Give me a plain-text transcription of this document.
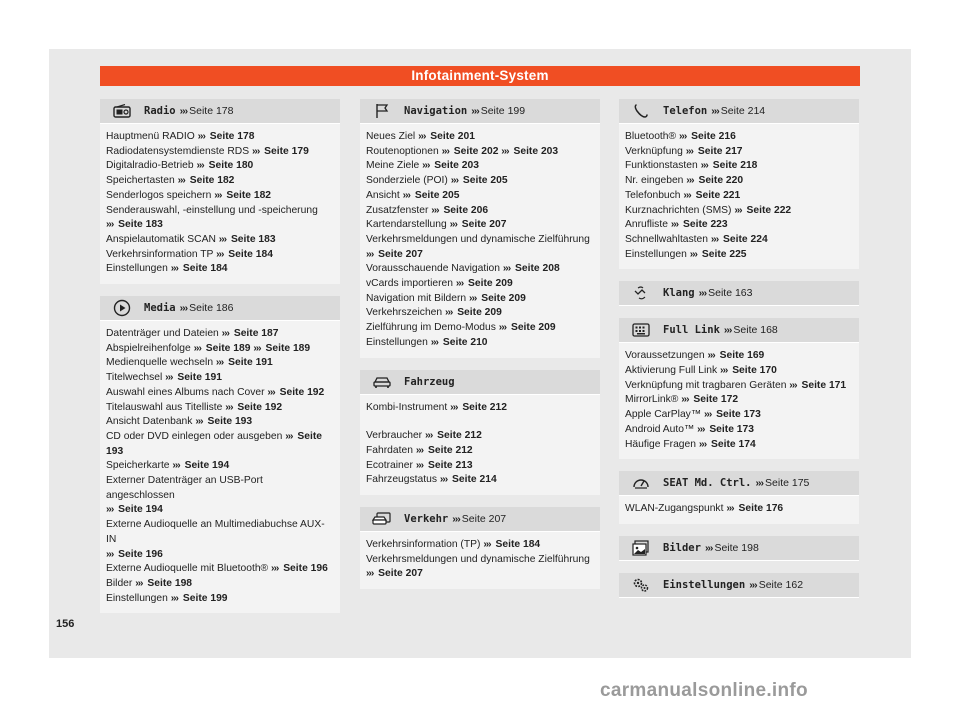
Infotainment-System
Radio ››› Seite 178
Hauptmenü RADIO ››› Seite 178
Radiodatensystemdienste RDS ››› Seite 179
Digitalradio-Betrieb ››› Seite 180
Speichertasten ››› Seite 182
Senderlogos speichern ››› Seite 182
Senderauswahl, -einstellung und -speicherung
››› Seite 183
Anspielautomatik SCAN ››› Seite 183
Verkehrsinformation TP ››› Seite 184
Einstellungen ››› Seite 184
Media ››› Seite 186
Datenträger und Dateien ››› Seite 187
Abspielreihenfolge ››› Seite 189 ››› Seite 189
Medienquelle wechseln ››› Seite 191
Titelwechsel ››› Seite 191
Auswahl eines Albums nach Cover ››› Seite 192
Titelauswahl aus Titelliste ››› Seite 192
Ansicht Datenbank ››› Seite 193
CD oder DVD einlegen oder ausgeben ››› Seite 193
Speicherkarte ››› Seite 194
Externer Datenträger an USB-Port angeschlossen
››› Seite 194
Externe Audioquelle an Multimediabuchse AUX-IN
››› Seite 196
Externe Audioquelle mit Bluetooth® ››› Seite 196
Bilder ››› Seite 198
Einstellungen ››› Seite 199
Navigation ››› Seite 199
Neues Ziel ››› Seite 201
Routenoptionen ››› Seite 202 ››› Seite 203
Meine Ziele ››› Seite 203
Sonderziele (POI) ››› Seite 205
Ansicht ››› Seite 205
Zusatzfenster ››› Seite 206
Kartendarstellung ››› Seite 207
Verkehrsmeldungen und dynamische Zielführung
››› Seite 207
Vorausschauende Navigation ››› Seite 208
vCards importieren ››› Seite 209
Navigation mit Bildern ››› Seite 209
Verkehrszeichen ››› Seite 209
Zielführung im Demo-Modus ››› Seite 209
Einstellungen ››› Seite 210
Fahrzeug
Kombi-Instrument ››› Seite 212
Verbraucher ››› Seite 212
Fahrdaten ››› Seite 212
Ecotrainer ››› Seite 213
Fahrzeugstatus ››› Seite 214
Verkehr ››› Seite 207
Verkehrsinformation (TP) ››› Seite 184
Verkehrsmeldungen und dynamische Zielführung
››› Seite 207
Telefon ››› Seite 214
Bluetooth® ››› Seite 216
Verknüpfung ››› Seite 217
Funktionstasten ››› Seite 218
Nr. eingeben ››› Seite 220
Telefonbuch ››› Seite 221
Kurznachrichten (SMS) ››› Seite 222
Anrufliste ››› Seite 223
Schnellwahltasten ››› Seite 224
Einstellungen ››› Seite 225
Klang ››› Seite 163
Full Link ››› Seite 168
Voraussetzungen ››› Seite 169
Aktivierung Full Link ››› Seite 170
Verknüpfung mit tragbaren Geräten ››› Seite 171
MirrorLink® ››› Seite 172
Apple CarPlay™ ››› Seite 173
Android Auto™ ››› Seite 173
Häufige Fragen ››› Seite 174
SEAT Md. Ctrl. ››› Seite 175
WLAN-Zugangspunkt ››› Seite 176
Bilder ››› Seite 198
Einstellungen ››› Seite 162
156
carmanualsonline.info
